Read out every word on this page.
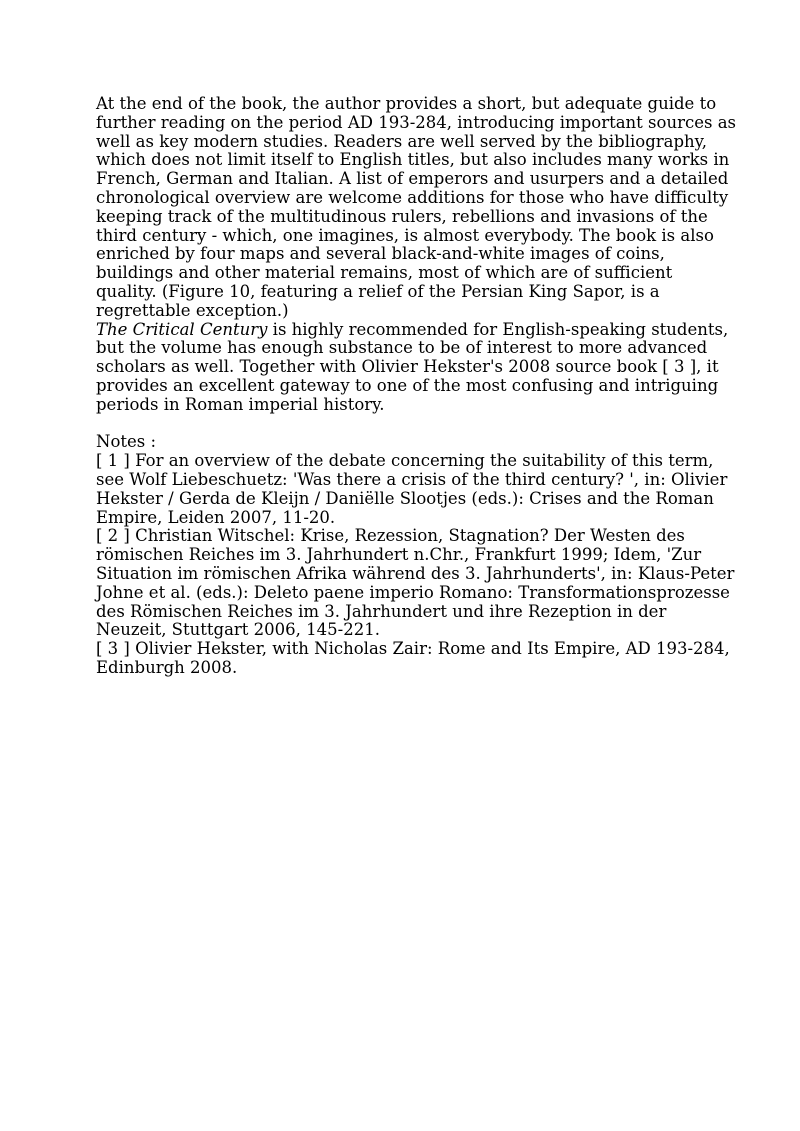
At the end of the book, the author provides a short, but adequate guide to further reading on the period AD 193-284, introducing important sources as well as key modern studies. Readers are well served by the bibliography, which does not limit itself to English titles, but also includes many works in French, German and Italian. A list of emperors and usurpers and a detailed chronological overview are welcome additions for those who have difficulty keeping track of the multitudinous rulers, rebellions and invasions of the third century - which, one imagines, is almost everybody. The book is also enriched by four maps and several black-and-white images of coins, buildings and other material remains, most of which are of sufficient quality. (Figure 10, featuring a relief of the Persian King Sapor, is a regrettable exception.)

The Critical Century is highly recommended for English-speaking students, but the volume has enough substance to be of interest to more advanced scholars as well. Together with Olivier Hekster's 2008 source book [ 3 ], it provides an excellent gateway to one of the most confusing and intriguing periods in Roman imperial history.

Notes :

[ 1 ] For an overview of the debate concerning the suitability of this term, see Wolf Liebeschuetz: 'Was there a crisis of the third century? ', in: Olivier Hekster / Gerda de Kleijn / Daniëlle Slootjes (eds.): Crises and the Roman Empire, Leiden 2007, 11-20.

[ 2 ] Christian Witschel: Krise, Rezession, Stagnation? Der Westen des römischen Reiches im 3. Jahrhundert n.Chr., Frankfurt 1999; Idem, 'Zur Situation im römischen Afrika während des 3. Jahrhunderts', in: Klaus-Peter Johne et al. (eds.): Deleto paene imperio Romano: Transformationsprozesse des Römischen Reiches im 3. Jahrhundert und ihre Rezeption in der Neuzeit, Stuttgart 2006, 145-221.

[ 3 ] Olivier Hekster, with Nicholas Zair: Rome and Its Empire, AD 193-284, Edinburgh 2008.
